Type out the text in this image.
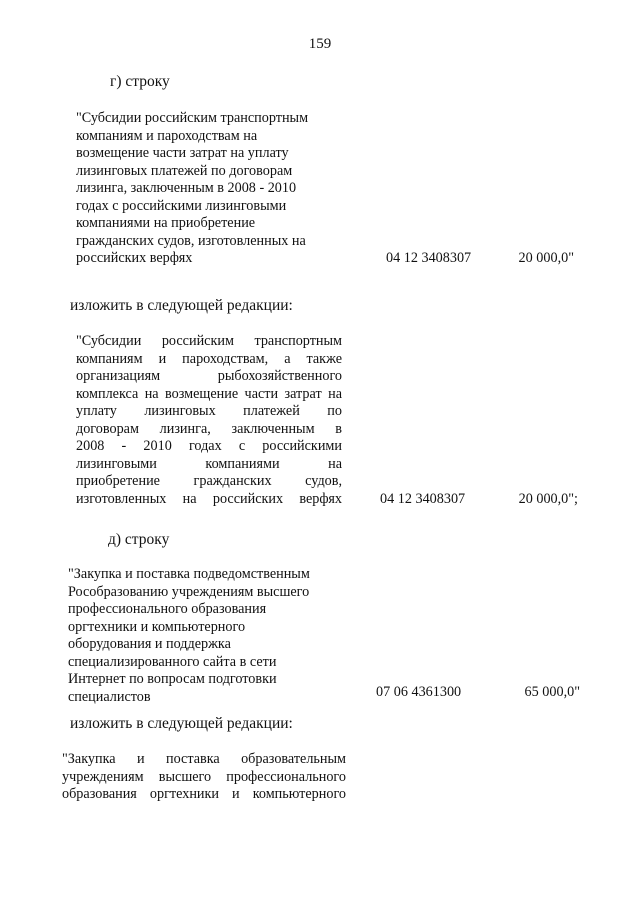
159
г) строку
"Субсидии российским транспортным
компаниям и пароходствам на
возмещение части затрат на уплату
лизинговых платежей по договорам
лизинга, заключенным в 2008 - 2010
годах с российскими лизинговыми
компаниями на приобретение
гражданских судов, изготовленных на
российских верфях	04 12 3408307	20 000,0"
изложить в следующей редакции:
"Субсидии российским транспортным
компаниям и пароходствам, а также
организациям рыбохозяйственного
комплекса на возмещение части затрат на
уплату лизинговых платежей по
договорам лизинга, заключенным в
2008 - 2010 годах с российскими
лизинговыми компаниями на
приобретение гражданских судов,
изготовленных на российских верфях	04 12 3408307	20 000,0";
д) строку
"Закупка и поставка подведомственным
Рособразованию учреждениям высшего
профессионального образования
оргтехники и компьютерного
оборудования и поддержка
специализированного сайта в сети
Интернет по вопросам подготовки
специалистов	07 06 4361300	65 000,0"
изложить в следующей редакции:
"Закупка и поставка образовательным
учреждениям высшего профессионального
образования оргтехники и компьютерного
